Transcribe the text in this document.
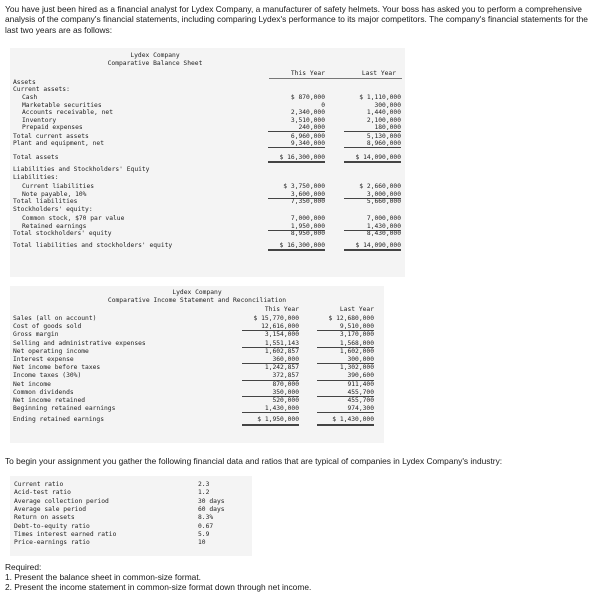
You have just been hired as a financial analyst for Lydex Company, a manufacturer of safety helmets. Your boss has asked you to perform a comprehensive analysis of the company's financial statements, including comparing Lydex's performance to its major competitors. The company's financial statements for the last two years are as follows:
Lydex Company
Comparative Balance Sheet
This Year	Last Year
Assets
Current assets:
Cash	$ 870,000	$ 1,110,000
Marketable securities	0	300,000
Accounts receivable, net	2,340,000	1,440,000
Inventory	3,510,000	2,100,000
Prepaid expenses	240,000	180,000
Total current assets	6,960,000	5,130,000
Plant and equipment, net	9,340,000	8,960,000
Total assets	$ 16,300,000	$ 14,090,000
Liabilities and Stockholders' Equity
Liabilities:
Current liabilities	$ 3,750,000	$ 2,660,000
Note payable, 10%	3,600,000	3,000,000
Total liabilities	7,350,000	5,660,000
Stockholders' equity:
Common stock, $70 par value	7,000,000	7,000,000
Retained earnings	1,950,000	1,430,000
Total stockholders' equity	8,950,000	8,430,000
Total liabilities and stockholders' equity	$ 16,300,000	$ 14,090,000
Lydex Company
Comparative Income Statement and Reconciliation
This Year	Last Year
Sales (all on account)	$ 15,770,000	$ 12,680,000
Cost of goods sold	12,616,000	9,510,000
Gross margin	3,154,000	3,170,000
Selling and administrative expenses	1,551,143	1,568,000
Net operating income	1,602,857	1,602,000
Interest expense	360,000	300,000
Net income before taxes	1,242,857	1,302,000
Income taxes (30%)	372,857	390,600
Net income	870,000	911,400
Common dividends	350,000	455,700
Net income retained	520,000	455,700
Beginning retained earnings	1,430,000	974,300
Ending retained earnings	$ 1,950,000	$ 1,430,000
To begin your assignment you gather the following financial data and ratios that are typical of companies in Lydex Company's industry:
Current ratio	2.3
Acid-test ratio	1.2
Average collection period	30 days
Average sale period	60 days
Return on assets	8.3%
Debt-to-equity ratio	0.67
Times interest earned ratio	5.9
Price-earnings ratio	10
Required:
1. Present the balance sheet in common-size format.
2. Present the income statement in common-size format down through net income.
